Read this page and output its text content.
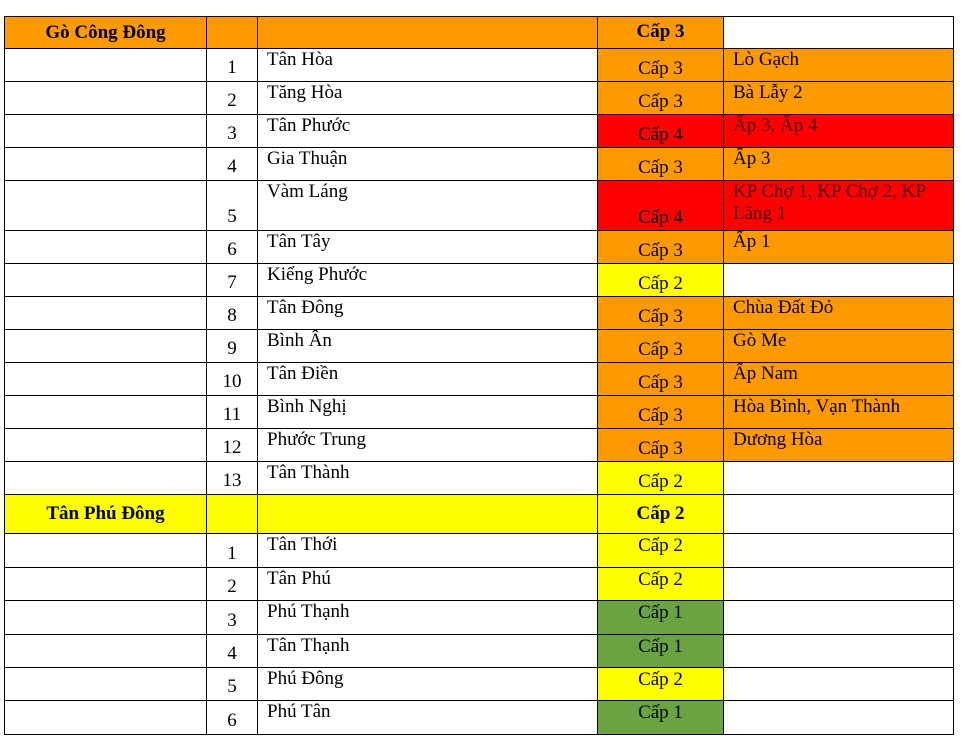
Gò Công Đông			Cấp 3	
	1	Tân Hòa	Cấp 3	Lò Gạch
	2	Tăng Hòa	Cấp 3	Bà Lẫy 2
	3	Tân Phước	Cấp 4	Ấp 3, Ấp 4
	4	Gia Thuận	Cấp 3	Ấp 3
	5	Vàm Láng	Cấp 4	KP Chợ 1, KP Chợ 2, KP Lăng 1
	6	Tân Tây	Cấp 3	Ấp 1
	7	Kiểng Phước	Cấp 2	
	8	Tân Đông	Cấp 3	Chùa Đất Đỏ
	9	Bình Ân	Cấp 3	Gò Me
	10	Tân Điền	Cấp 3	Ấp Nam
	11	Bình Nghị	Cấp 3	Hòa Bình, Vạn Thành
	12	Phước Trung	Cấp 3	Dương Hòa
	13	Tân Thành	Cấp 2	
Tân Phú Đông			Cấp 2	
	1	Tân Thới	Cấp 2	
	2	Tân Phú	Cấp 2	
	3	Phú Thạnh	Cấp 1	
	4	Tân Thạnh	Cấp 1	
	5	Phú Đông	Cấp 2	
	6	Phú Tân	Cấp 1	
